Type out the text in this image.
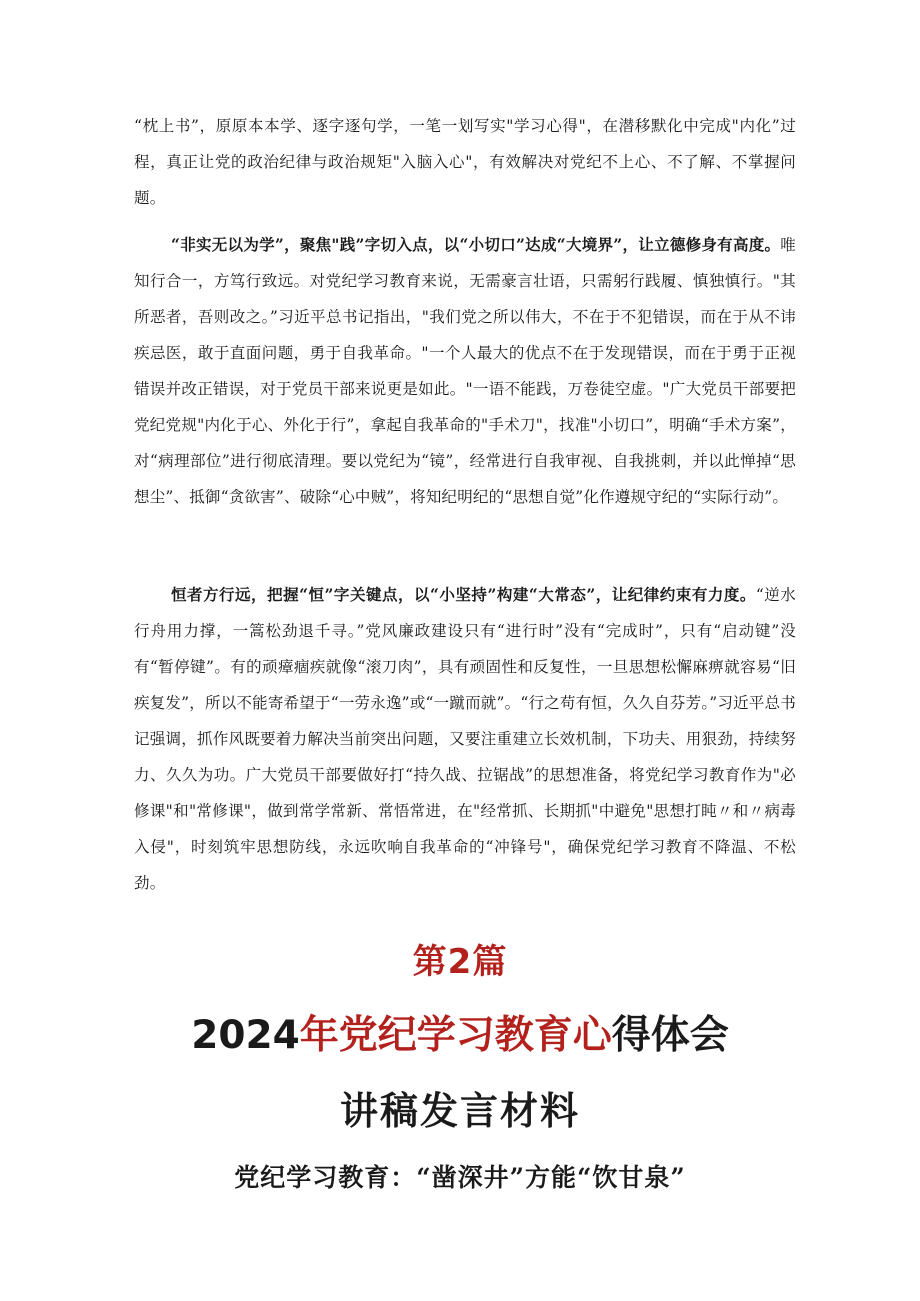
“枕上书”，原原本本学、逐字逐句学，一笔一划写实"学习心得"，在潜移默化中完成"内化”过程，真正让党的政治纪律与政治规矩"入脑入心"，有效解决对党纪不上心、不了解、不掌握问题。

“非实无以为学”，聚焦"践”字切入点，以“小切口”达成“大境界”，让立德修身有高度。唯知行合一，方笃行致远。对党纪学习教育来说，无需豪言壮语，只需躬行践履、慎独慎行。"其所恶者，吾则改之。”习近平总书记指出，"我们党之所以伟大，不在于不犯错误，而在于从不讳疾忌医，敢于直面问题，勇于自我革命。"一个人最大的优点不在于发现错误，而在于勇于正视错误并改正错误，对于党员干部来说更是如此。"一语不能践，万卷徒空虚。"广大党员干部要把党纪党规"内化于心、外化于行”，拿起自我革命的"手术刀"，找准"小切口”，明确“手术方案”，对“病理部位”进行彻底清理。要以党纪为“镜”，经常进行自我审视、自我挑刺，并以此惮掉“思想尘”、抵御“贪欲害”、破除“心中贼”，将知纪明纪的“思想自觉”化作遵规守纪的“实际行动”。

恒者方行远，把握“恒”字关键点，以“小坚持”构建“大常态”，让纪律约束有力度。“逆水行舟用力撑，一篙松劲退千寻。”党风廉政建设只有“进行时”没有“完成时”，只有“启动键”没有“暂停键”。有的顽瘴痼疾就像“滚刀肉”，具有顽固性和反复性，一旦思想松懈麻痹就容易“旧疾复发”，所以不能寄希望于“一劳永逸”或“一蹴而就”。“行之苟有恒，久久自芬芳。”习近平总书记强调，抓作风既要着力解决当前突出问题，又要注重建立长效机制，下功夫、用狠劲，持续努力、久久为功。广大党员干部要做好打“持久战、拉锯战”的思想准备，将党纪学习教育作为"必修课"和"常修课"，做到常学常新、常悟常进，在"经常抓、长期抓"中避免"思想打盹〃和〃病毒入侵"，时刻筑牢思想防线，永远吹响自我革命的“冲锋号"，确保党纪学习教育不降温、不松劲。

第2篇
2024年党纪学习教育心得体会
讲稿发言材料
党纪学习教育：“凿深井”方能“饮甘泉”
